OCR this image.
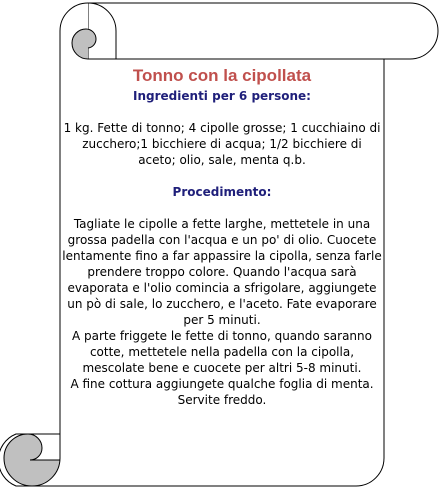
Tonno con la cipollata

Ingredienti per 6 persone:

1 kg. Fette di tonno; 4 cipolle grosse; 1 cucchiaino di zucchero;1 bicchiere di acqua; 1/2 bicchiere di aceto; olio, sale, menta q.b.

Procedimento:

Tagliate le cipolle a fette larghe, mettetele in una grossa padella con l'acqua e un po' di olio. Cuocete lentamente fino a far appassire la cipolla, senza farle prendere troppo colore. Quando l'acqua sarà evaporata e l'olio comincia a sfrigolare, aggiungete un pò di sale, lo zucchero, e l'aceto. Fate evaporare per 5 minuti.

A parte friggete le fette di tonno, quando saranno cotte, mettetele nella padella con la cipolla, mescolate bene e cuocete per altri 5-8 minuti.

A fine cottura aggiungete qualche foglia di menta. Servite freddo.
